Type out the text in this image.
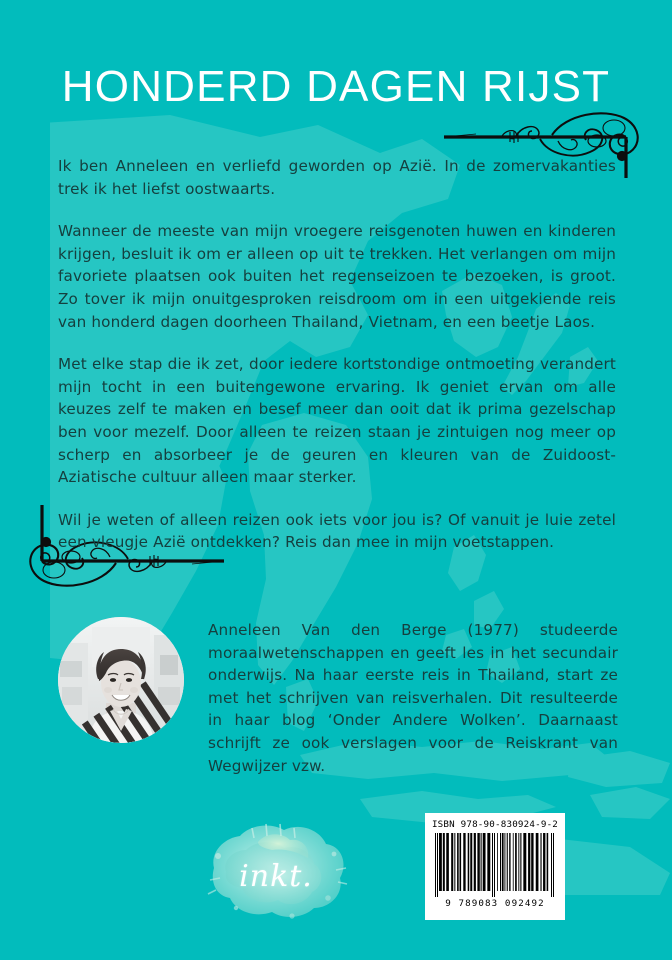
HONDERD DAGEN RIJST

Ik ben Anneleen en verliefd geworden op Azië. In de zomervakanties trek ik het liefst oostwaarts.

Wanneer de meeste van mijn vroegere reisgenoten huwen en kinderen krijgen, besluit ik om er alleen op uit te trekken. Het verlangen om mijn favoriete plaatsen ook buiten het regenseizoen te bezoeken, is groot. Zo tover ik mijn onuitgesproken reisdroom om in een uitgekiende reis van honderd dagen doorheen Thailand, Vietnam, en een beetje Laos.

Met elke stap die ik zet, door iedere kortstondige ontmoeting verandert mijn tocht in een buitengewone ervaring. Ik geniet ervan om alle keuzes zelf te maken en besef meer dan ooit dat ik prima gezelschap ben voor mezelf. Door alleen te reizen staan je zintuigen nog meer op scherp en absorbeer je de geuren en kleuren van de Zuidoost-Aziatische cultuur alleen maar sterker.

Wil je weten of alleen reizen ook iets voor jou is? Of vanuit je luie zetel een vleugje Azië ontdekken? Reis dan mee in mijn voetstappen.

Anneleen Van den Berge (1977) studeerde moraalwetenschappen en geeft les in het secundair onderwijs. Na haar eerste reis in Thailand, start ze met het schrijven van reisverhalen. Dit resulteerde in haar blog ‘Onder Andere Wolken’. Daarnaast schrijft ze ook verslagen voor de Reiskrant van Wegwijzer vzw.

inkt.
ISBN 978-90-830924-9-2
9 789083 092492
